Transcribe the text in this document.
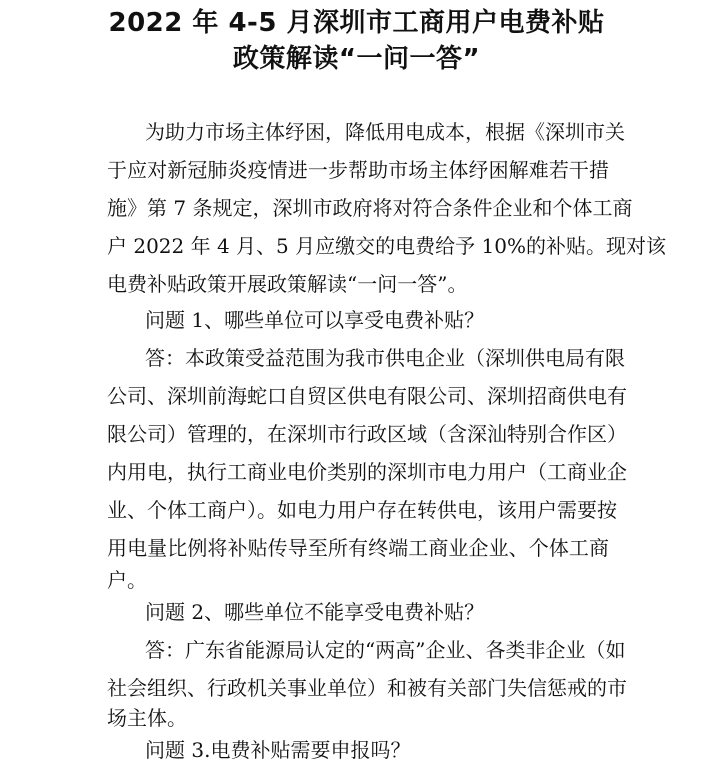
2022 年 4-5 月深圳市工商用户电费补贴
政策解读“一问一答”
为助力市场主体纾困，降低用电成本，根据《深圳市关
于应对新冠肺炎疫情进一步帮助市场主体纾困解难若干措
施》第 7 条规定，深圳市政府将对符合条件企业和个体工商
户 2022 年 4 月、5 月应缴交的电费给予 10%的补贴。现对该
电费补贴政策开展政策解读“一问一答”。
问题 1、哪些单位可以享受电费补贴？
答：本政策受益范围为我市供电企业（深圳供电局有限
公司、深圳前海蛇口自贸区供电有限公司、深圳招商供电有
限公司）管理的，在深圳市行政区域（含深汕特别合作区）
内用电，执行工商业电价类别的深圳市电力用户（工商业企
业、个体工商户）。如电力用户存在转供电，该用户需要按
用电量比例将补贴传导至所有终端工商业企业、个体工商
户。
问题 2、哪些单位不能享受电费补贴？
答：广东省能源局认定的“两高”企业、各类非企业（如
社会组织、行政机关事业单位）和被有关部门失信惩戒的市
场主体。
问题 3.电费补贴需要申报吗？
